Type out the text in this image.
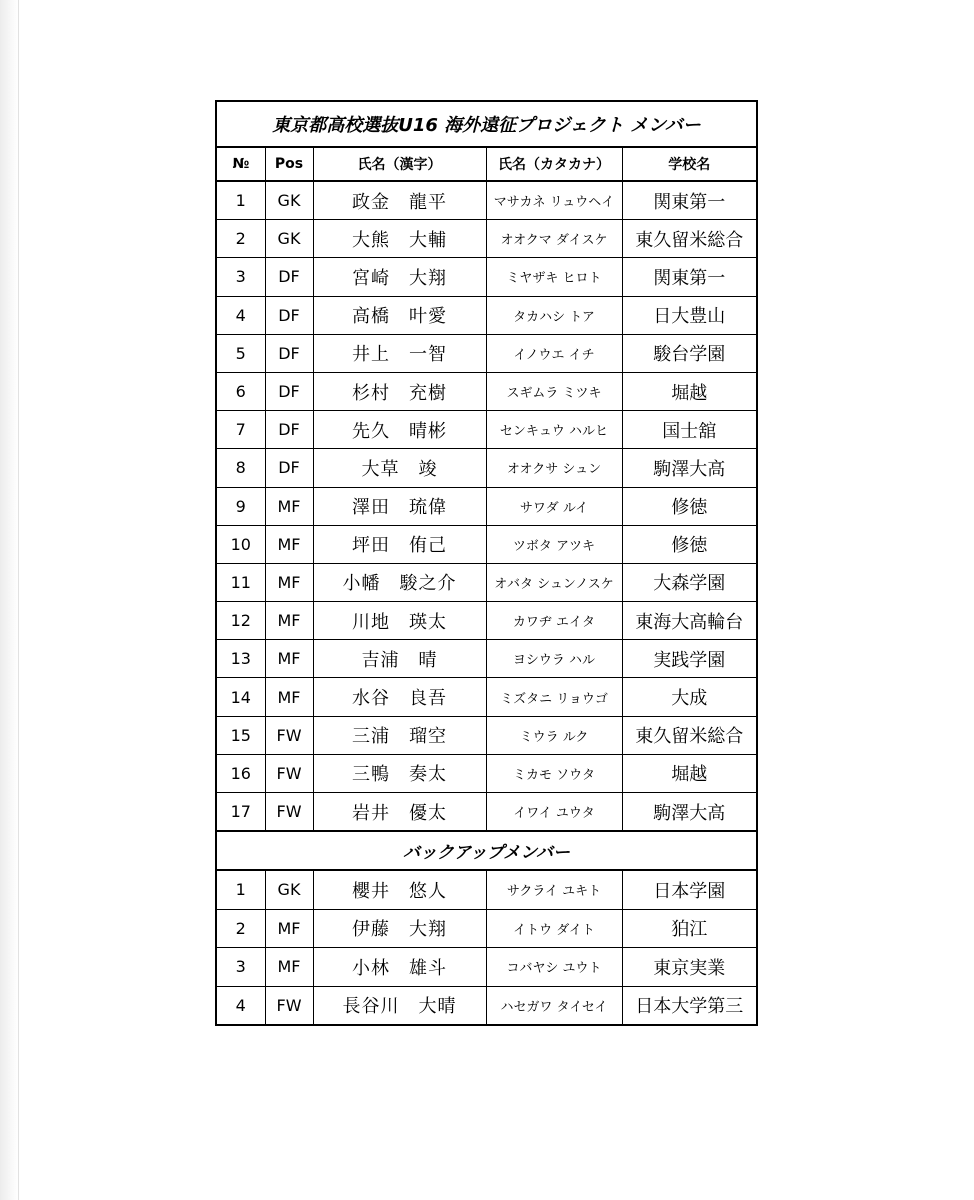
東京都高校選抜U16 海外遠征プロジェクト メンバー				
№	Pos	氏名（漢字）	氏名（カタカナ）	学校名
1	GK	政金　龍平	マサカネ リュウヘイ	関東第一
2	GK	大熊　大輔	オオクマ ダイスケ	東久留米総合
3	DF	宮崎　大翔	ミヤザキ ヒロト	関東第一
4	DF	高橋　叶愛	タカハシ トア	日大豊山
5	DF	井上　一智	イノウエ イチ	駿台学園
6	DF	杉村　充樹	スギムラ ミツキ	堀越
7	DF	先久　晴彬	センキュウ ハルヒ	国士舘
8	DF	大草　竣	オオクサ シュン	駒澤大高
9	MF	澤田　琉偉	サワダ ルイ	修徳
10	MF	坪田　侑己	ツボタ アツキ	修徳
11	MF	小幡　駿之介	オバタ シュンノスケ	大森学園
12	MF	川地　瑛太	カワヂ エイタ	東海大高輪台
13	MF	吉浦　晴	ヨシウラ ハル	実践学園
14	MF	水谷　良吾	ミズタニ リョウゴ	大成
15	FW	三浦　瑠空	ミウラ ルク	東久留米総合
16	FW	三鴨　奏太	ミカモ ソウタ	堀越
17	FW	岩井　優太	イワイ ユウタ	駒澤大高
バックアップメンバー				
1	GK	櫻井　悠人	サクライ ユキト	日本学園
2	MF	伊藤　大翔	イトウ ダイト	狛江
3	MF	小林　雄斗	コバヤシ ユウト	東京実業
4	FW	長谷川　大晴	ハセガワ タイセイ	日本大学第三
